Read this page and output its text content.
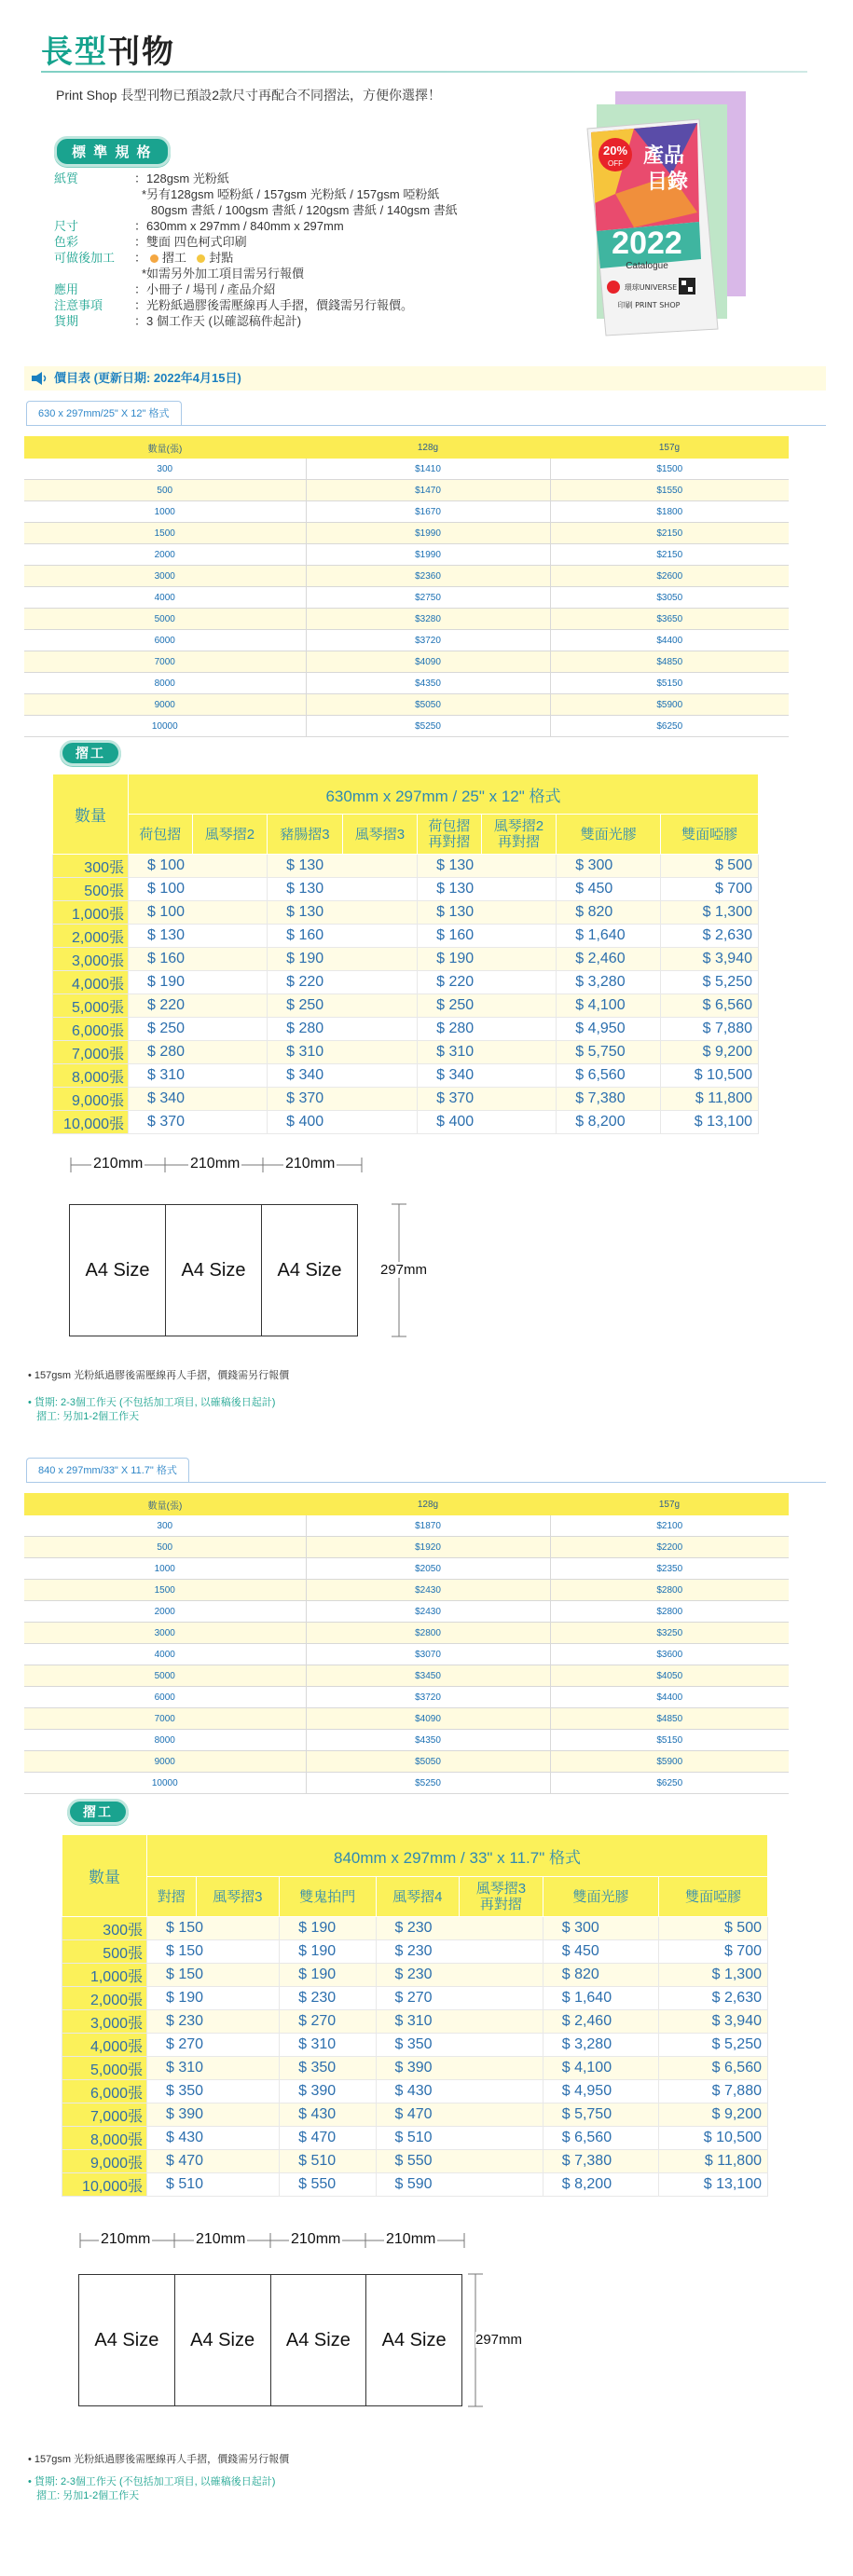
長型刊物
Print Shop 長型刊物已預設2款尺寸再配合不同摺法，方便你選擇！
標 準 規 格
紙質	：128gsm 光粉紙
*另有128gsm 啞粉紙 / 157gsm 光粉紙 / 157gsm 啞粉紙
80gsm 書紙 / 100gsm 書紙 / 120gsm 書紙 / 140gsm 書紙
尺寸	：630mm x 297mm / 840mm x 297mm
色彩	：雙面 四色柯式印刷
可做後加工	： 摺工 封點
*如需另外加工項目需另行報價
應用	：小冊子 / 場刊 / 產品介紹
注意事項	：光粉紙過膠後需壓線再人手摺，價錢需另行報價。
貨期	：3 個工作天 (以確認稿件起計)
20%
OFF 產品
目錄
2022
Catalogue
環球UNIVERSE
印刷 PRINT SHOP
價目表 (更新日期: 2022年4月15日)
630 x 297mm/25" X 12" 格式
數量(張)	128g	157g
300	$1410	$1500
500	$1470	$1550
1000	$1670	$1800
1500	$1990	$2150
2000	$1990	$2150
3000	$2360	$2600
4000	$2750	$3050
5000	$3280	$3650
6000	$3720	$4400
7000	$4090	$4850
8000	$4350	$5150
9000	$5050	$5900
10000	$5250	$6250
摺工
數量	630mm x 297mm / 25" x 12" 格式							
	荷包摺	風琴摺2	豬腸摺3	風琴摺3	荷包摺
再對摺	風琴摺2
再對摺	雙面光膠	雙面啞膠
300張	$ 100		$ 130		$ 130		$ 300	$ 500
500張	$ 100		$ 130		$ 130		$ 450	$ 700
1,000張	$ 100		$ 130		$ 130		$ 820	$ 1,300
2,000張	$ 130		$ 160		$ 160		$ 1,640	$ 2,630
3,000張	$ 160		$ 190		$ 190		$ 2,460	$ 3,940
4,000張	$ 190		$ 220		$ 220		$ 3,280	$ 5,250
5,000張	$ 220		$ 250		$ 250		$ 4,100	$ 6,560
6,000張	$ 250		$ 280		$ 280		$ 4,950	$ 7,880
7,000張	$ 280		$ 310		$ 310		$ 5,750	$ 9,200
8,000張	$ 310		$ 340		$ 340		$ 6,560	$ 10,500
9,000張	$ 340		$ 370		$ 370		$ 7,380	$ 11,800
10,000張	$ 370		$ 400		$ 400		$ 8,200	$ 13,100
210mm	210mm	210mm
A4 Size	A4 Size	A4 Size	297mm
• 157gsm 光粉紙過膠後需壓線再人手摺，價錢需另行報價
• 貨期: 2-3個工作天 (不包括加工項目, 以確稿後日起計)
摺工: 另加1-2個工作天
840 x 297mm/33" X 11.7" 格式
數量(張)	128g	157g
300	$1870	$2100
500	$1920	$2200
1000	$2050	$2350
1500	$2430	$2800
2000	$2430	$2800
3000	$2800	$3250
4000	$3070	$3600
5000	$3450	$4050
6000	$3720	$4400
7000	$4090	$4850
8000	$4350	$5150
9000	$5050	$5900
10000	$5250	$6250
摺工
數量	840mm x 297mm / 33" x 11.7" 格式						
	對摺	風琴摺3	雙鬼拍門	風琴摺4	風琴摺3
再對摺	雙面光膠	雙面啞膠
300張	$ 150		$ 190	$ 230		$ 300	$ 500
500張	$ 150		$ 190	$ 230		$ 450	$ 700
1,000張	$ 150		$ 190	$ 230		$ 820	$ 1,300
2,000張	$ 190		$ 230	$ 270		$ 1,640	$ 2,630
3,000張	$ 230		$ 270	$ 310		$ 2,460	$ 3,940
4,000張	$ 270		$ 310	$ 350		$ 3,280	$ 5,250
5,000張	$ 310		$ 350	$ 390		$ 4,100	$ 6,560
6,000張	$ 350		$ 390	$ 430		$ 4,950	$ 7,880
7,000張	$ 390		$ 430	$ 470		$ 5,750	$ 9,200
8,000張	$ 430		$ 470	$ 510		$ 6,560	$ 10,500
9,000張	$ 470		$ 510	$ 550		$ 7,380	$ 11,800
10,000張	$ 510		$ 550	$ 590		$ 8,200	$ 13,100
210mm	210mm	210mm	210mm
A4 Size	A4 Size	A4 Size	A4 Size	297mm
• 157gsm 光粉紙過膠後需壓線再人手摺，價錢需另行報價
• 貨期: 2-3個工作天 (不包括加工項目, 以確稿後日起計)
摺工: 另加1-2個工作天
